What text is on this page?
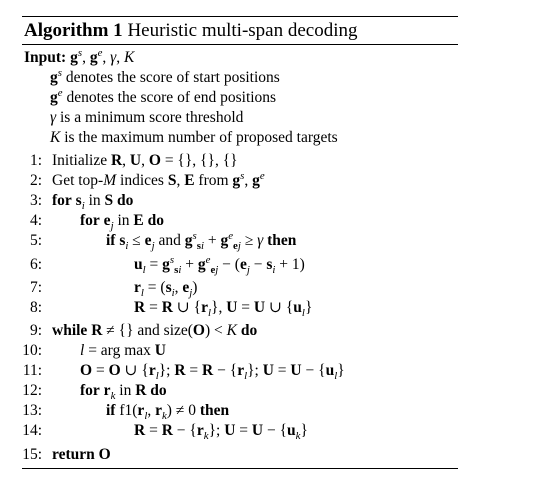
Algorithm 1 Heuristic multi-span decoding
Input: $g^s$, $g^e$, γ, K
$g^s$ denotes the score of start positions
$g^e$ denotes the score of end positions
γ is a minimum score threshold
K is the maximum number of proposed targets
1: Initialize R, U, O = {}, {}, {}
2: Get top-M indices S, E from $g^s$, $g^e$
3: for $s_i$ in S do
4: for $e_j$ in E do
5:	if $s_i \le e_j$ and $g^s_{si} + g^e_{ej} \ge \gamma$ then
6:	$u_l = g^s_{si} + g^e_{ej} - (e_j - s_i + 1)$
7:	$r_l = (s_i$, $e_j$)
8:	R = R ∪ $\{r_l\}$, U = U ∪ $\{u_l\}$
9: while R ≠ {} and size(O) < K do
10: l = arg max U
11: O = O ∪ $\{r_l\}$; $R = R - \{r_l\}$; $U = U - \{u_l\}$
12: for $r_k$ in R do
13:	if $f1(r_l$, $r_k) \ne 0$ then
14:	$R = R - \{r_k\}$; $U = U - \{u_k\}$
15: return O
